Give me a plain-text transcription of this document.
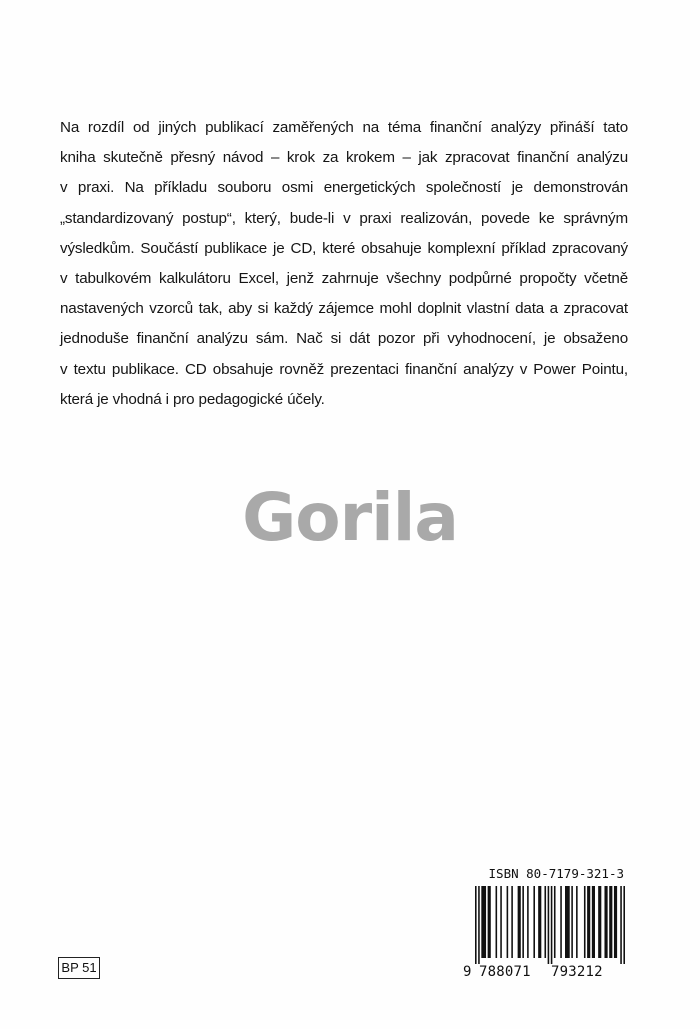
Na rozdíl od jiných publikací zaměřených na téma finanční analýzy přináší tato
kniha skutečně přesný návod – krok za krokem – jak zpracovat finanční analýzu
v praxi. Na příkladu souboru osmi energetických společností je demonstrován
„standardizovaný postup“, který, bude-li v praxi realizován, povede ke správným
výsledkům. Součástí publikace je CD, které obsahuje komplexní příklad zpracovaný
v tabulkovém kalkulátoru Excel, jenž zahrnuje všechny podpůrné propočty včetně
nastavených vzorců tak, aby si každý zájemce mohl doplnit vlastní data a zpracovat
jednoduše finanční analýzu sám. Nač si dát pozor při vyhodnocení, je obsaženo
v textu publikace. CD obsahuje rovněž prezentaci finanční analýzy v Power Pointu,
která je vhodná i pro pedagogické účely.
Gorila
ISBN 80-7179-321-3
9 788071 793212
BP 51
